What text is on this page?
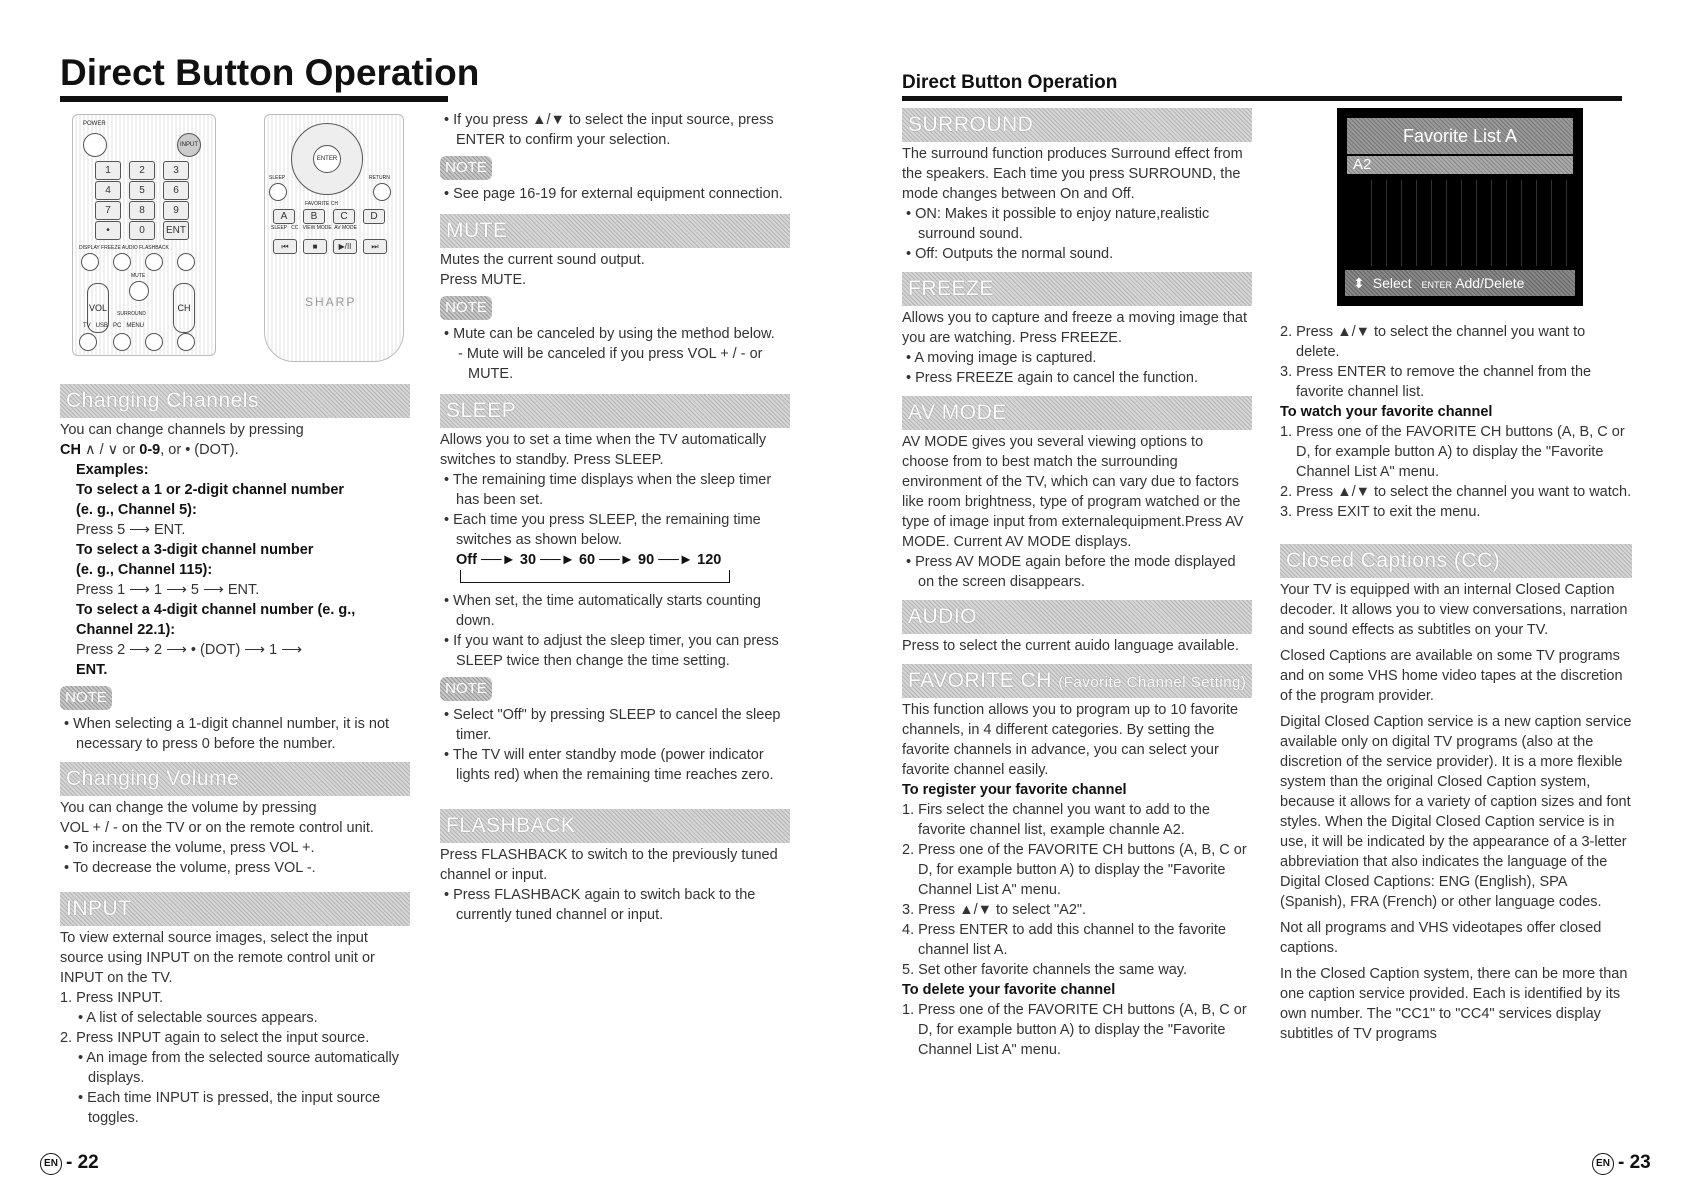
Direct Button Operation	Direct Button Operation
POWER
INPUT
1	2	3
4	5	6
7	8	9
•	0	ENT
DISPLAY FREEZE AUDIO FLASHBACK
MUTE
VOL
SURROUND
CH
TV   USB   PC   MENU
ENTER
SLEEP	RETURN
FAVORITE CH
A	B	C	D
SLEEP   CC   VIEW MODE  AV MODE
⏮	■	▶/II	⏭
SHARP
Changing Channels

You can change channels by pressing

CH ∧ / ∨ or 0-9, or • (DOT).

Examples:

To select a 1 or 2-digit channel number

(e. g., Channel 5):

Press 5 ⟶ ENT.

To select a 3-digit channel number

(e. g., Channel 115):

Press 1 ⟶ 1 ⟶ 5 ⟶ ENT.

To select a 4-digit channel number (e. g., Channel 22.1):

Press 2 ⟶ 2 ⟶ • (DOT) ⟶ 1 ⟶

ENT.

NOTE

• When selecting a 1-digit channel number, it is not necessary to press 0 before the number.

Changing Volume

You can change the volume by pressing

VOL + / - on the TV or on the remote control unit.

• To increase the volume, press VOL +.

• To decrease the volume, press VOL -.

INPUT

To view external source images, select the input source using INPUT on the remote control unit or INPUT on the TV.

1. Press INPUT.

• A list of selectable sources appears.

2. Press INPUT again to select the input source.

• An image from the selected source automatically displays.

• Each time INPUT is pressed, the input source toggles.

• If you press ▲/▼ to select the input source, press ENTER to confirm your selection.

NOTE

• See page 16-19 for external equipment connection.

MUTE

Mutes the current sound output.

Press MUTE.

NOTE

• Mute can be canceled by using the method below.

- Mute will be canceled if you press VOL + / - or MUTE.

SLEEP

Allows you to set a time when the TV automatically switches to standby. Press SLEEP.

• The remaining time displays when the sleep timer has been set.

• Each time you press SLEEP, the remaining time switches as shown below.

Off ──► 30 ──► 60 ──► 90 ──► 120

• When set, the time automatically starts counting down.

• If you want to adjust the sleep timer, you can press SLEEP twice then change the time setting.

NOTE

• Select "Off" by pressing SLEEP to cancel the sleep timer.

• The TV will enter standby mode (power indicator lights red) when the remaining time reaches zero.

FLASHBACK

Press FLASHBACK to switch to the previously tuned channel or input.

• Press FLASHBACK again to switch back to the currently tuned channel or input.

SURROUND

The surround function produces Surround effect from the speakers. Each time you press SURROUND, the mode changes between On and Off.

• ON: Makes it possible to enjoy nature,realistic surround sound.

• Off: Outputs the normal sound.

FREEZE

Allows you to capture and freeze a moving image that you are watching. Press FREEZE.

• A moving image is captured.

• Press FREEZE again to cancel the function.

AV MODE

AV MODE gives you several viewing options to choose from to best match the surrounding environment of the TV, which can vary due to factors like room brightness, type of program watched or the type of image input from externalequipment.Press AV MODE. Current AV MODE displays.

• Press AV MODE again before the mode displayed on the screen disappears.

AUDIO

Press to select the current auido language available.

FAVORITE CH (Favorite Channel Setting)

This function allows you to program up to 10 favorite channels, in 4 different categories. By setting the favorite channels in advance, you can select your favorite channel easily.

To register your favorite channel

1. Firs select the channel you want to add to the favorite channel list, example channle A2.

2. Press one of the FAVORITE CH buttons (A, B, C or D, for example button A) to display the "Favorite Channel List A" menu.

3. Press ▲/▼ to select "A2".

4. Press ENTER to add this channel to the favorite channel list A.

5. Set other favorite channels the same way.

To delete your favorite channel

1. Press one of the FAVORITE CH buttons (A, B, C or D, for example button A) to display the "Favorite Channel List A" menu.

Favorite List A
A2
⬍ Select ENTER Add/Delete

2. Press ▲/▼ to select the channel you want to delete.

3. Press ENTER to remove the channel from the favorite channel list.

To watch your favorite channel

1. Press one of the FAVORITE CH buttons (A, B, C or D, for example button A) to display the "Favorite Channel List A" menu.

2. Press ▲/▼ to select the channel you want to watch.

3. Press EXIT to exit the menu.

Closed Captions (CC)

Your TV is equipped with an internal Closed Caption decoder. It allows you to view conversations, narration and sound effects as subtitles on your TV.

Closed Captions are available on some TV programs and on some VHS home video tapes at the discretion of the program provider.

Digital Closed Caption service is a new caption service available only on digital TV programs (also at the discretion of the service provider). It is a more flexible system than the original Closed Caption system, because it allows for a variety of caption sizes and font styles. When the Digital Closed Caption service is in use, it will be indicated by the appearance of a 3-letter abbreviation that also indicates the language of the Digital Closed Captions: ENG (English), SPA (Spanish), FRA (French) or other language codes.

Not all programs and VHS videotapes offer closed captions.

In the Closed Caption system, there can be more than one caption service provided. Each is identified by its own number. The "CC1" to "CC4" services display subtitles of TV programs

EN - 22	EN - 23
